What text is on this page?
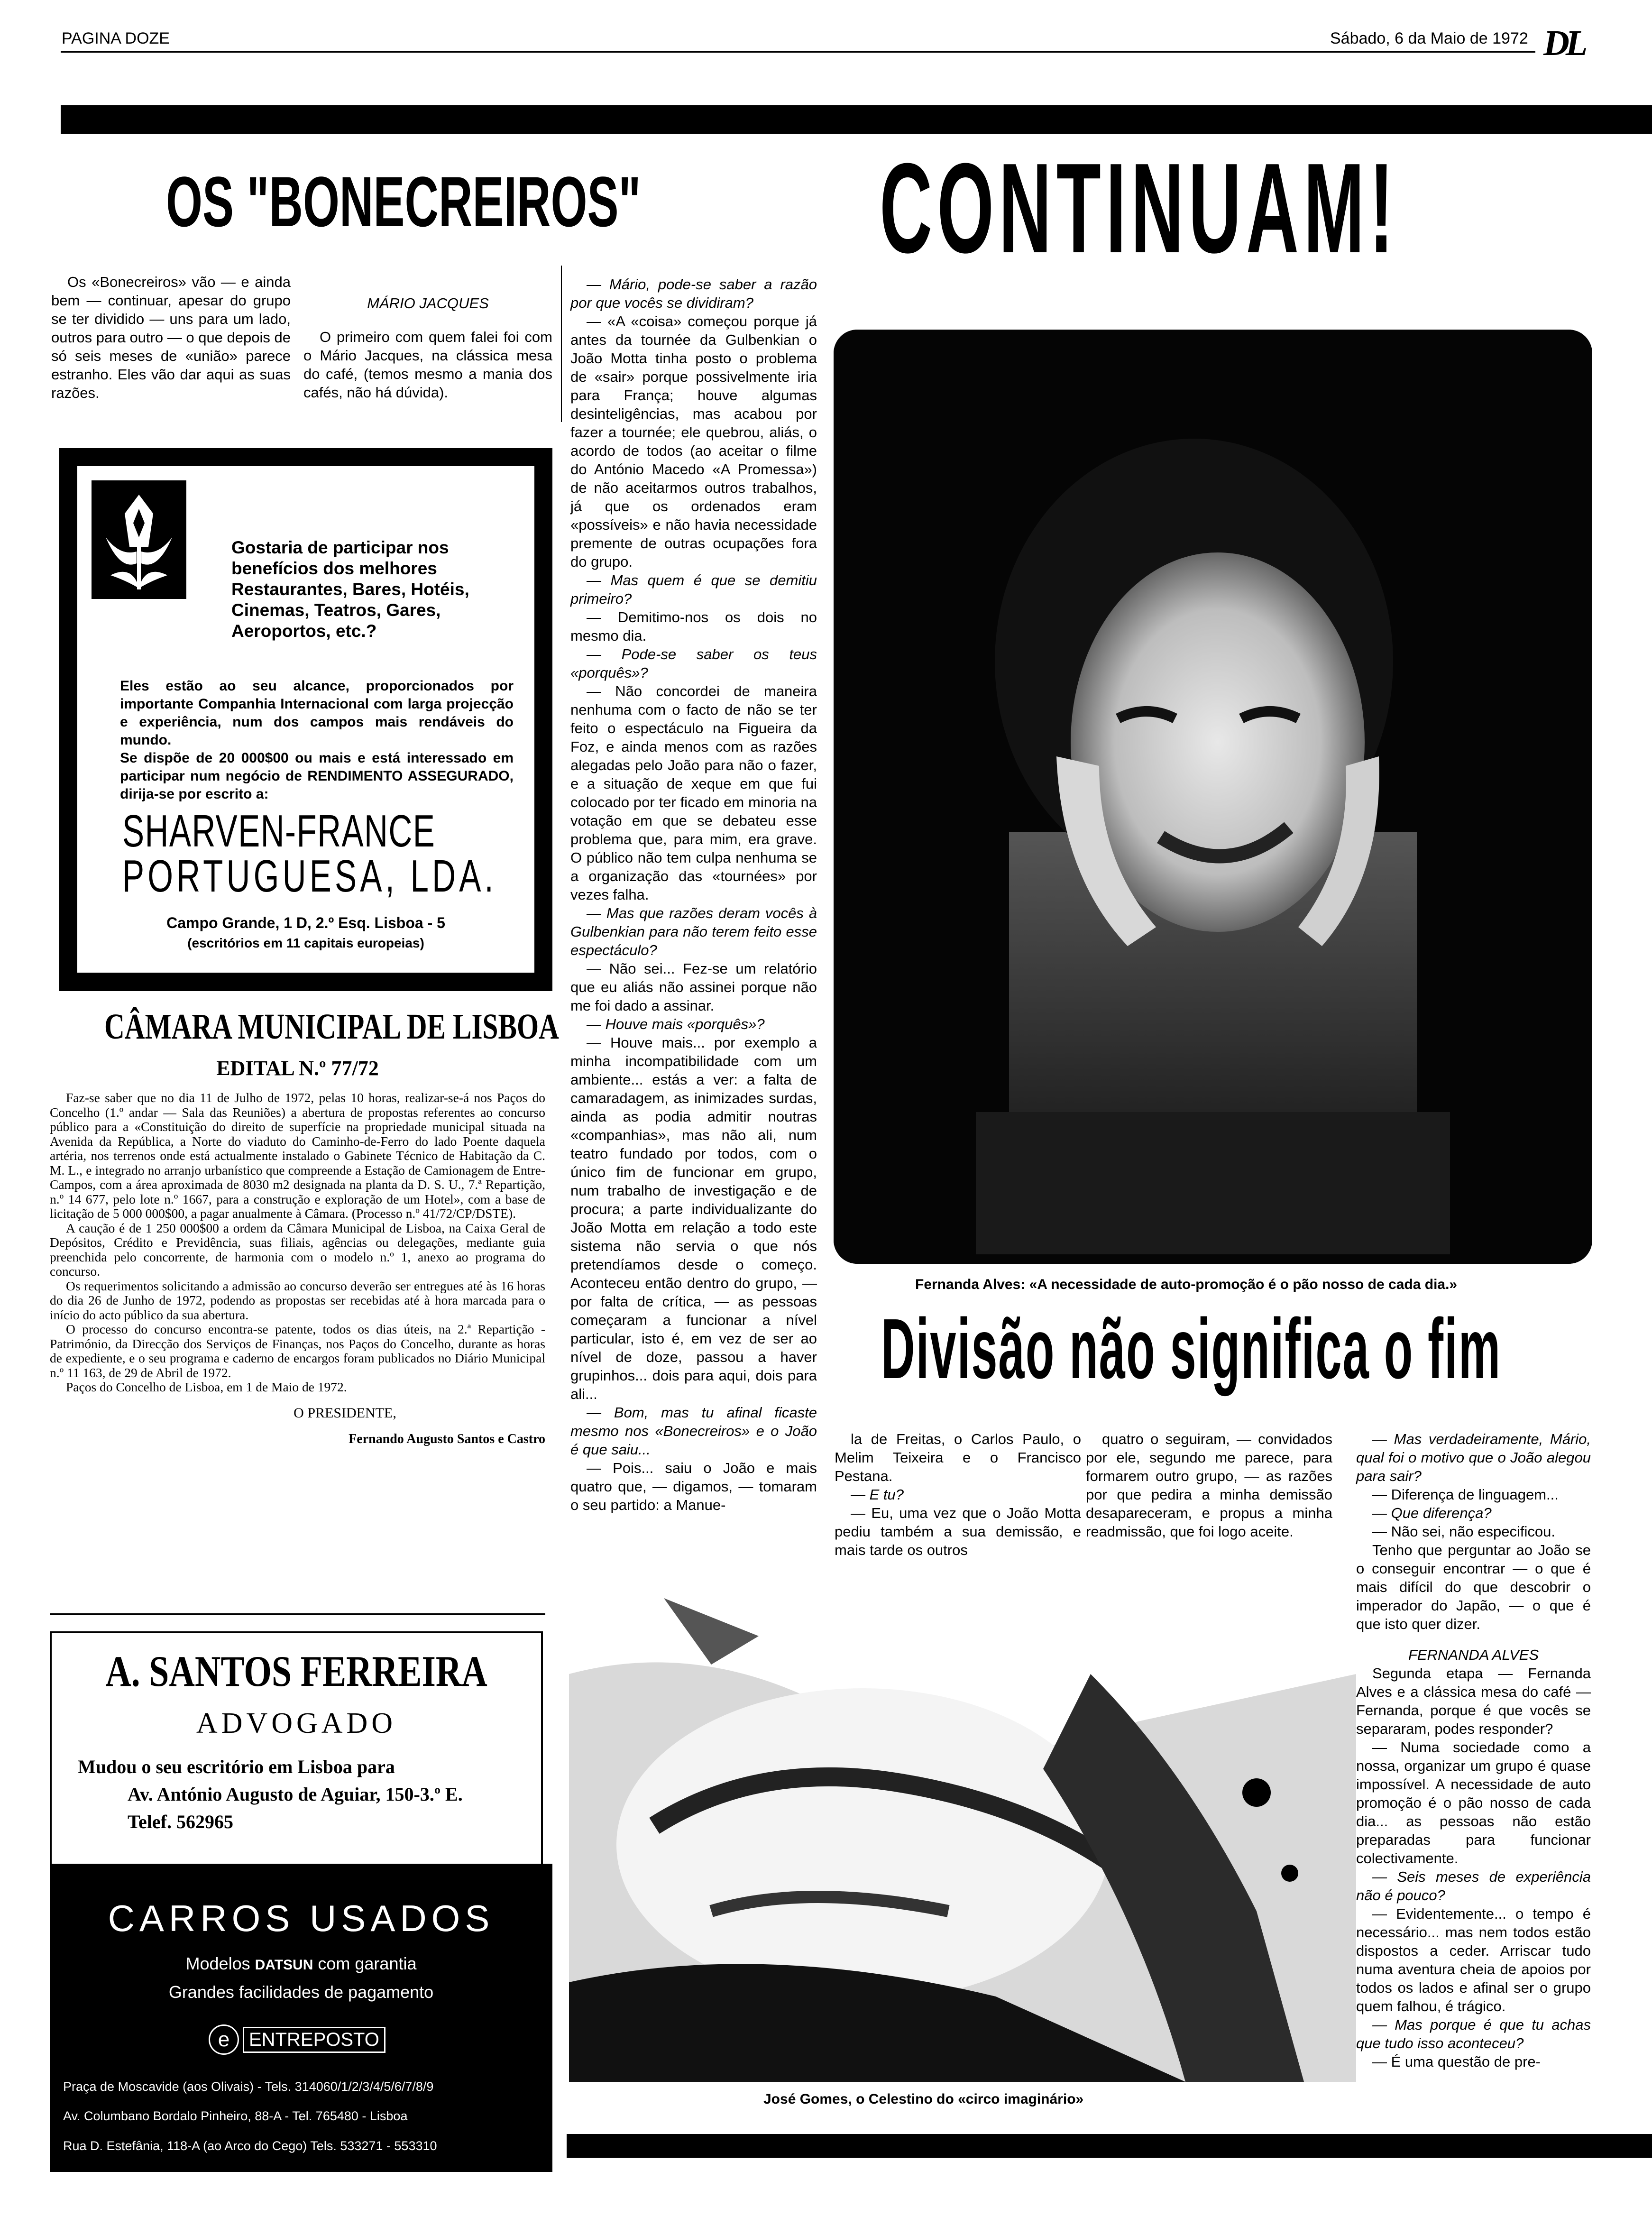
PAGINA DOZE	Sábado, 6 da Maio de 1972 DL
OS "BONECREIROS" CONTINUAM!

Os «Bonecreiros» vão — e ainda bem — continuar, apesar do grupo se ter dividido — uns para um lado, outros para outro — o que depois de só seis meses de «união» parece estranho. Eles vão dar aqui as suas razões.

MÁRIO JACQUES

O primeiro com quem falei foi com o Mário Jacques, na clássica mesa do café, (temos mesmo a mania dos cafés, não há dúvida).

— Mário, pode-se saber a razão por que vocês se dividiram?

— «A «coisa» começou porque já antes da tournée da Gulbenkian o João Motta tinha posto o problema de «sair» porque possivelmente iria para França; houve algumas desinteligências, mas acabou por fazer a tournée; ele quebrou, aliás, o acordo de todos (ao aceitar o filme do António Macedo «A Promessa») de não aceitarmos outros trabalhos, já que os ordenados eram «possíveis» e não havia necessidade premente de outras ocupações fora do grupo.

— Mas quem é que se demitiu primeiro?

— Demitimo-nos os dois no mesmo dia.

— Pode-se saber os teus «porquês»?

— Não concordei de maneira nenhuma com o facto de não se ter feito o espectáculo na Figueira da Foz, e ainda menos com as razões alegadas pelo João para não o fazer, e a situação de xeque em que fui colocado por ter ficado em minoria na votação em que se debateu esse problema que, para mim, era grave. O público não tem culpa nenhuma se a organização das «tournées» por vezes falha.

— Mas que razões deram vocês à Gulbenkian para não terem feito esse espectáculo?

— Não sei... Fez-se um relatório que eu aliás não assinei porque não me foi dado a assinar.

— Houve mais «porquês»?

— Houve mais... por exemplo a minha incompatibilidade com um ambiente... estás a ver: a falta de camaradagem, as inimizades surdas, ainda as podia admitir noutras «companhias», mas não ali, num teatro fundado por todos, com o único fim de funcionar em grupo, num trabalho de investigação e de procura; a parte individualizante do João Motta em relação a todo este sistema não servia o que nós pretendíamos desde o começo. Aconteceu então dentro do grupo, — por falta de crítica, — as pessoas começaram a funcionar a nível particular, isto é, em vez de ser ao nível de doze, passou a haver grupinhos... dois para aqui, dois para ali...

— Bom, mas tu afinal ficaste mesmo nos «Bonecreiros» e o João é que saiu...

— Pois... saiu o João e mais quatro que, — digamos, — tomaram o seu partido: a Manue-

Gostaria de participar nos benefícios dos melhores Restaurantes, Bares, Hotéis, Cinemas, Teatros, Gares, Aeroportos, etc.?
Eles estão ao seu alcance, proporcionados por importante Companhia Internacional com larga projecção e experiência, num dos campos mais rendáveis do mundo.
Se dispõe de 20 000$00 ou mais e está interessado em participar num negócio de RENDIMENTO ASSEGURADO, dirija-se por escrito a:
SHARVEN-FRANCE
PORTUGUESA, LDA.
Campo Grande, 1 D, 2.º Esq. Lisboa - 5
(escritórios em 11 capitais europeias)
CÂMARA MUNICIPAL DE LISBOA
EDITAL N.º 77/72

Faz-se saber que no dia 11 de Julho de 1972, pelas 10 horas, realizar-se-á nos Paços do Concelho (1.º andar — Sala das Reuniões) a abertura de propostas referentes ao concurso público para a «Constituição do direito de superfície na propriedade municipal situada na Avenida da República, a Norte do viaduto do Caminho-de-Ferro do lado Poente daquela artéria, nos terrenos onde está actualmente instalado o Gabinete Técnico de Habitação da C. M. L., e integrado no arranjo urbanístico que compreende a Estação de Camionagem de Entre-Campos, com a área aproximada de 8030 m2 designada na planta da D. S. U., 7.ª Repartição, n.º 14 677, pelo lote n.º 1667, para a construção e exploração de um Hotel», com a base de licitação de 5 000 000$00, a pagar anualmente à Câmara. (Processo n.º 41/72/CP/DSTE).

A caução é de 1 250 000$00 a ordem da Câmara Municipal de Lisboa, na Caixa Geral de Depósitos, Crédito e Previdência, suas filiais, agências ou delegações, mediante guia preenchida pelo concorrente, de harmonia com o modelo n.º 1, anexo ao programa do concurso.

Os requerimentos solicitando a admissão ao concurso deverão ser entregues até às 16 horas do dia 26 de Junho de 1972, podendo as propostas ser recebidas até à hora marcada para o início do acto público da sua abertura.

O processo do concurso encontra-se patente, todos os dias úteis, na 2.ª Repartição - Património, da Direcção dos Serviços de Finanças, nos Paços do Concelho, durante as horas de expediente, e o seu programa e caderno de encargos foram publicados no Diário Municipal n.º 11 163, de 29 de Abril de 1972.

Paços do Concelho de Lisboa, em 1 de Maio de 1972.

O PRESIDENTE,
Fernando Augusto Santos e Castro
A. SANTOS FERREIRA
ADVOGADO
Mudou o seu escritório em Lisboa para
Av. António Augusto de Aguiar, 150-3.º E.
Telef. 562965
CARROS USADOS
Modelos DATSUN com garantia
Grandes facilidades de pagamento
e	ENTREPOSTO
Praça de Moscavide (aos Olivais) - Tels. 314060/1/2/3/4/5/6/7/8/9
Av. Columbano Bordalo Pinheiro, 88-A - Tel. 765480 - Lisboa
Rua D. Estefânia, 118-A (ao Arco do Cego) Tels. 533271 - 553310
Fernanda Alves: «A necessidade de auto-promoção é o pão nosso de cada dia.»
Divisão não significa o fim

la de Freitas, o Carlos Paulo, o Melim Teixeira e o Francisco Pestana.

— E tu?

— Eu, uma vez que o João Motta pediu também a sua demissão, e mais tarde os outros

quatro o seguiram, — convidados por ele, segundo me parece, para formarem outro grupo, — as razões por que pedira a minha demissão desapareceram, e propus a minha readmissão, que foi logo aceite.

José Gomes, o Celestino do «circo imaginário»

— Mas verdadeiramente, Mário, qual foi o motivo que o João alegou para sair?

— Diferença de linguagem...

— Que diferença?

— Não sei, não especificou.

Tenho que perguntar ao João se o conseguir encontrar — o que é mais difícil do que descobrir o imperador do Japão, — o que é que isto quer dizer.

FERNANDA ALVES

Segunda etapa — Fernanda Alves e a clássica mesa do café — Fernanda, porque é que vocês se separaram, podes responder?

— Numa sociedade como a nossa, organizar um grupo é quase impossível. A necessidade de auto promoção é o pão nosso de cada dia... as pessoas não estão preparadas para funcionar colectivamente.

— Seis meses de experiência não é pouco?

— Evidentemente... o tempo é necessário... mas nem todos estão dispostos a ceder. Arriscar tudo numa aventura cheia de apoios por todos os lados e afinal ser o grupo quem falhou, é trágico.

— Mas porque é que tu achas que tudo isso aconteceu?

— É uma questão de pre-
